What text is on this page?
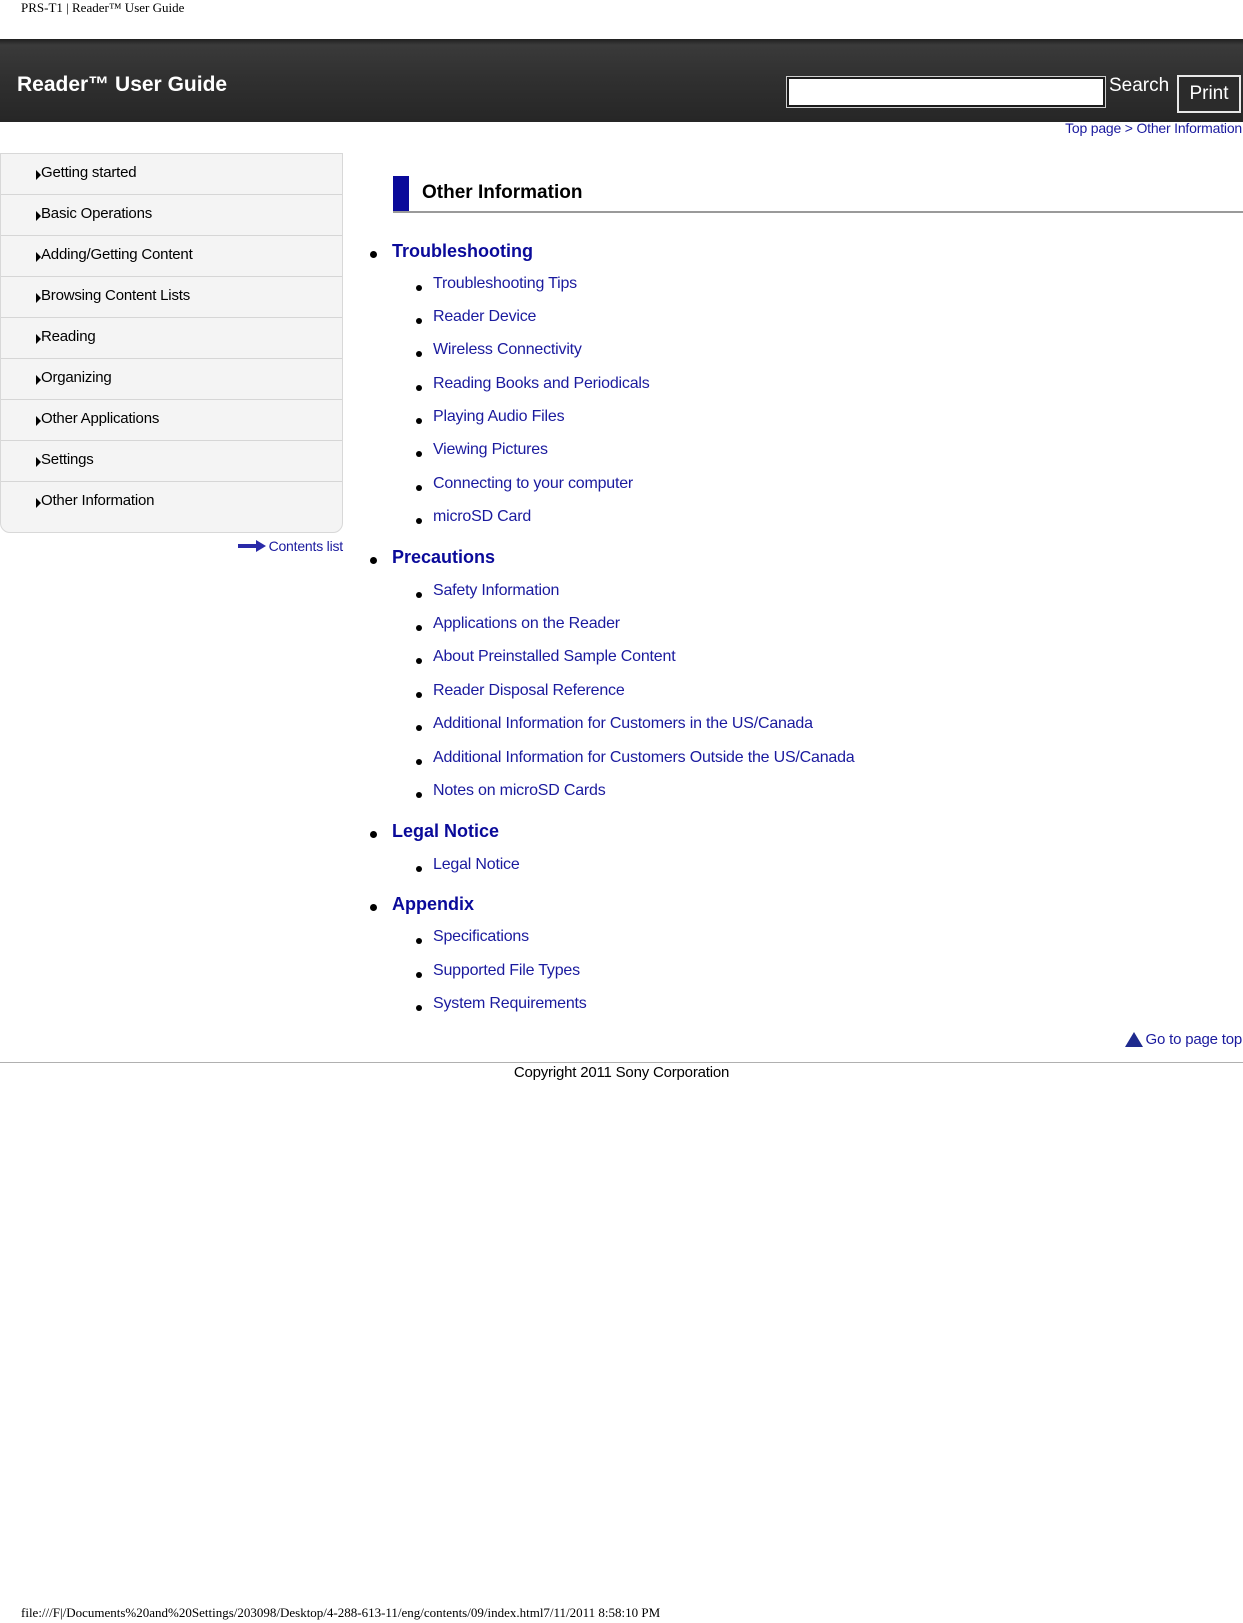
PRS-T1 | Reader™ User Guide
Reader™ User Guide	Search	Print
Top page > Other Information
Getting started
Basic Operations
Adding/Getting Content
Browsing Content Lists
Reading
Organizing
Other Applications
Settings
Other Information
Contents list
Other Information
Troubleshooting
Troubleshooting Tips
Reader Device
Wireless Connectivity
Reading Books and Periodicals
Playing Audio Files
Viewing Pictures
Connecting to your computer
microSD Card
Precautions
Safety Information
Applications on the Reader
About Preinstalled Sample Content
Reader Disposal Reference
Additional Information for Customers in the US/Canada
Additional Information for Customers Outside the US/Canada
Notes on microSD Cards
Legal Notice
Legal Notice
Appendix
Specifications
Supported File Types
System Requirements
Go to page top
Copyright 2011 Sony Corporation
file:///F|/Documents%20and%20Settings/203098/Desktop/4-288-613-11/eng/contents/09/index.html7/11/2011 8:58:10 PM
